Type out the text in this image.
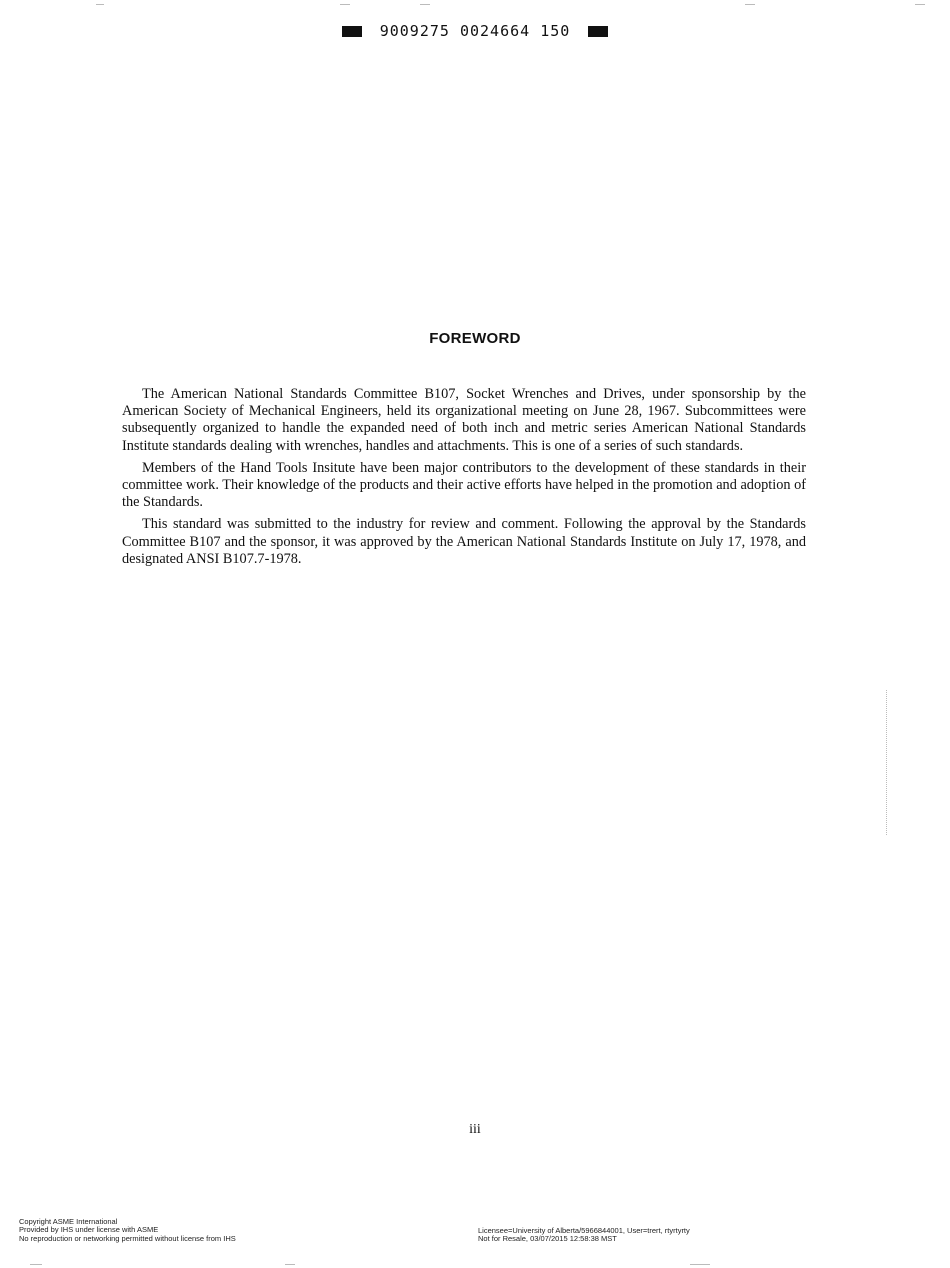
9009275 0024664 150
FOREWORD

The American National Standards Committee B107, Socket Wrenches and Drives, under sponsorship by the American Society of Mechanical Engineers, held its organizational meeting on June 28, 1967. Subcommittees were subsequently organized to handle the expanded need of both inch and metric series American National Standards Institute standards dealing with wrenches, handles and attachments. This is one of a series of such standards.

Members of the Hand Tools Insitute have been major contributors to the development of these standards in their committee work. Their knowledge of the products and their active efforts have helped in the promotion and adoption of the Standards.

This standard was submitted to the industry for review and comment. Following the approval by the Standards Committee B107 and the sponsor, it was approved by the American National Standards Institute on July 17, 1978, and designated ANSI B107.7-1978.

iii
Copyright ASME International
Provided by IHS under license with ASME
No reproduction or networking permitted without license from IHS
Licensee=University of Alberta/5966844001, User=trert, rtyrtyrty
Not for Resale, 03/07/2015 12:58:38 MST
